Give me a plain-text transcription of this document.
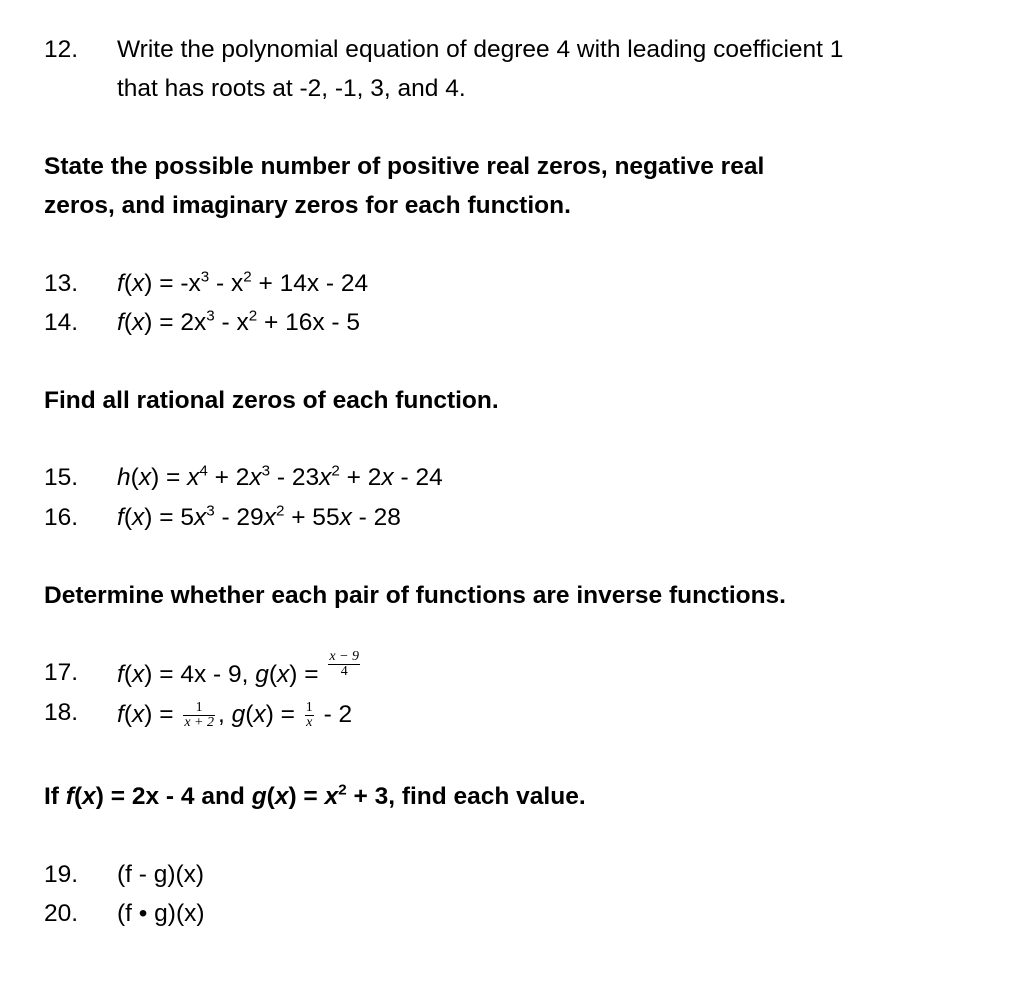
12. Write the polynomial equation of degree 4 with leading coefficient 1
that has roots at -2, -1, 3, and 4.
State the possible number of positive real zeros, negative real
zeros, and imaginary zeros for each function.
13. $f(x) = -x^3 - x^2 + 14x - 24$
14. $f(x) = 2x^3 - x^2 + 16x - 5$
Find all rational zeros of each function.
15. $h(x) = x^4 + 2x^3 - 23x^2 + 2x - 24$
16. $f(x) = 5x^3 - 29x^2 + 55x - 28$
Determine whether each pair of functions are inverse functions.
17. f(x) = 4x - 9, $g(x) = \frac{x - 9}{4}$
18. $f(x) = \frac{1}{x + 2}$ , $g(x) = \frac{1}{x} - 2$
If f(x) = 2x - 4 and $g(x) = x^2 + 3$, find each value.
19. (f - g)(x)
20. (f • g)(x)
